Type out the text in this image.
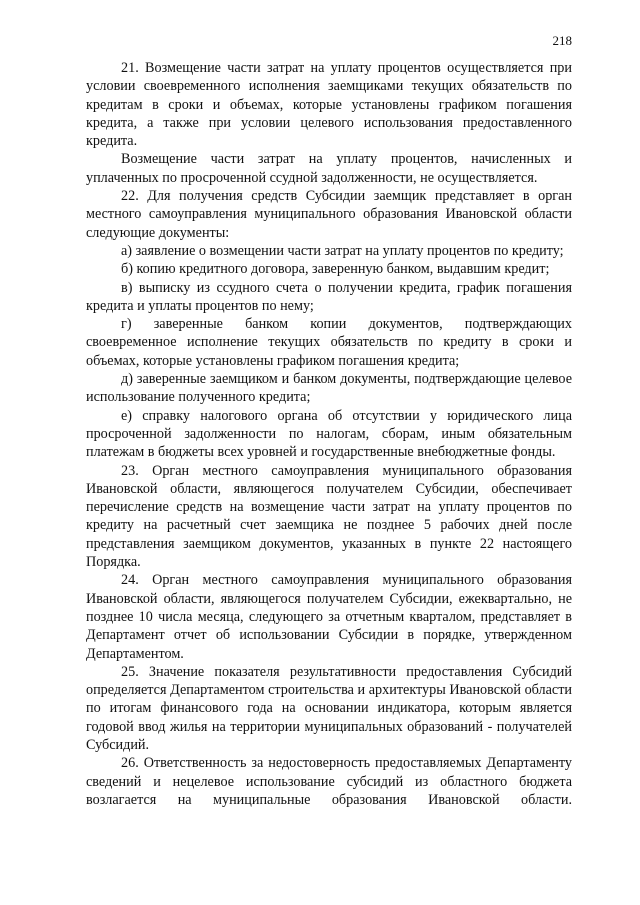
218

21. Возмещение части затрат на уплату процентов осуществляется при условии своевременного исполнения заемщиками текущих обязательств по кредитам в сроки и объемах, которые установлены графиком погашения кредита, а также при условии целевого использования предоставленного кредита.

Возмещение части затрат на уплату процентов, начисленных и уплаченных по просроченной ссудной задолженности, не осуществляется.

22. Для получения средств Субсидии заемщик представляет в орган местного самоуправления муниципального образования Ивановской области следующие документы:

а) заявление о возмещении части затрат на уплату процентов по кредиту;

б) копию кредитного договора, заверенную банком, выдавшим кредит;

в) выписку из ссудного счета о получении кредита, график погашения кредита и уплаты процентов по нему;

г) заверенные банком копии документов, подтверждающих своевременное исполнение текущих обязательств по кредиту в сроки и объемах, которые установлены графиком погашения кредита;

д) заверенные заемщиком и банком документы, подтверждающие целевое использование полученного кредита;

е) справку налогового органа об отсутствии у юридического лица просроченной задолженности по налогам, сборам, иным обязательным платежам в бюджеты всех уровней и государственные внебюджетные фонды.

23. Орган местного самоуправления муниципального образования Ивановской области, являющегося получателем Субсидии, обеспечивает перечисление средств на возмещение части затрат на уплату процентов по кредиту на расчетный счет заемщика не позднее 5 рабочих дней после представления заемщиком документов, указанных в пункте 22 настоящего Порядка.

24. Орган местного самоуправления муниципального образования Ивановской области, являющегося получателем Субсидии, ежеквартально, не позднее 10 числа месяца, следующего за отчетным кварталом, представляет в Департамент отчет об использовании Субсидии в порядке, утвержденном Департаментом.

25. Значение показателя результативности предоставления Субсидий определяется Департаментом строительства и архитектуры Ивановской области по итогам финансового года на основании индикатора, которым является годовой ввод жилья на территории муниципальных образований - получателей Субсидий.

26. Ответственность за недостоверность предоставляемых Департаменту сведений и нецелевое использование субсидий из областного бюджета возлагается на муниципальные образования Ивановской области.
